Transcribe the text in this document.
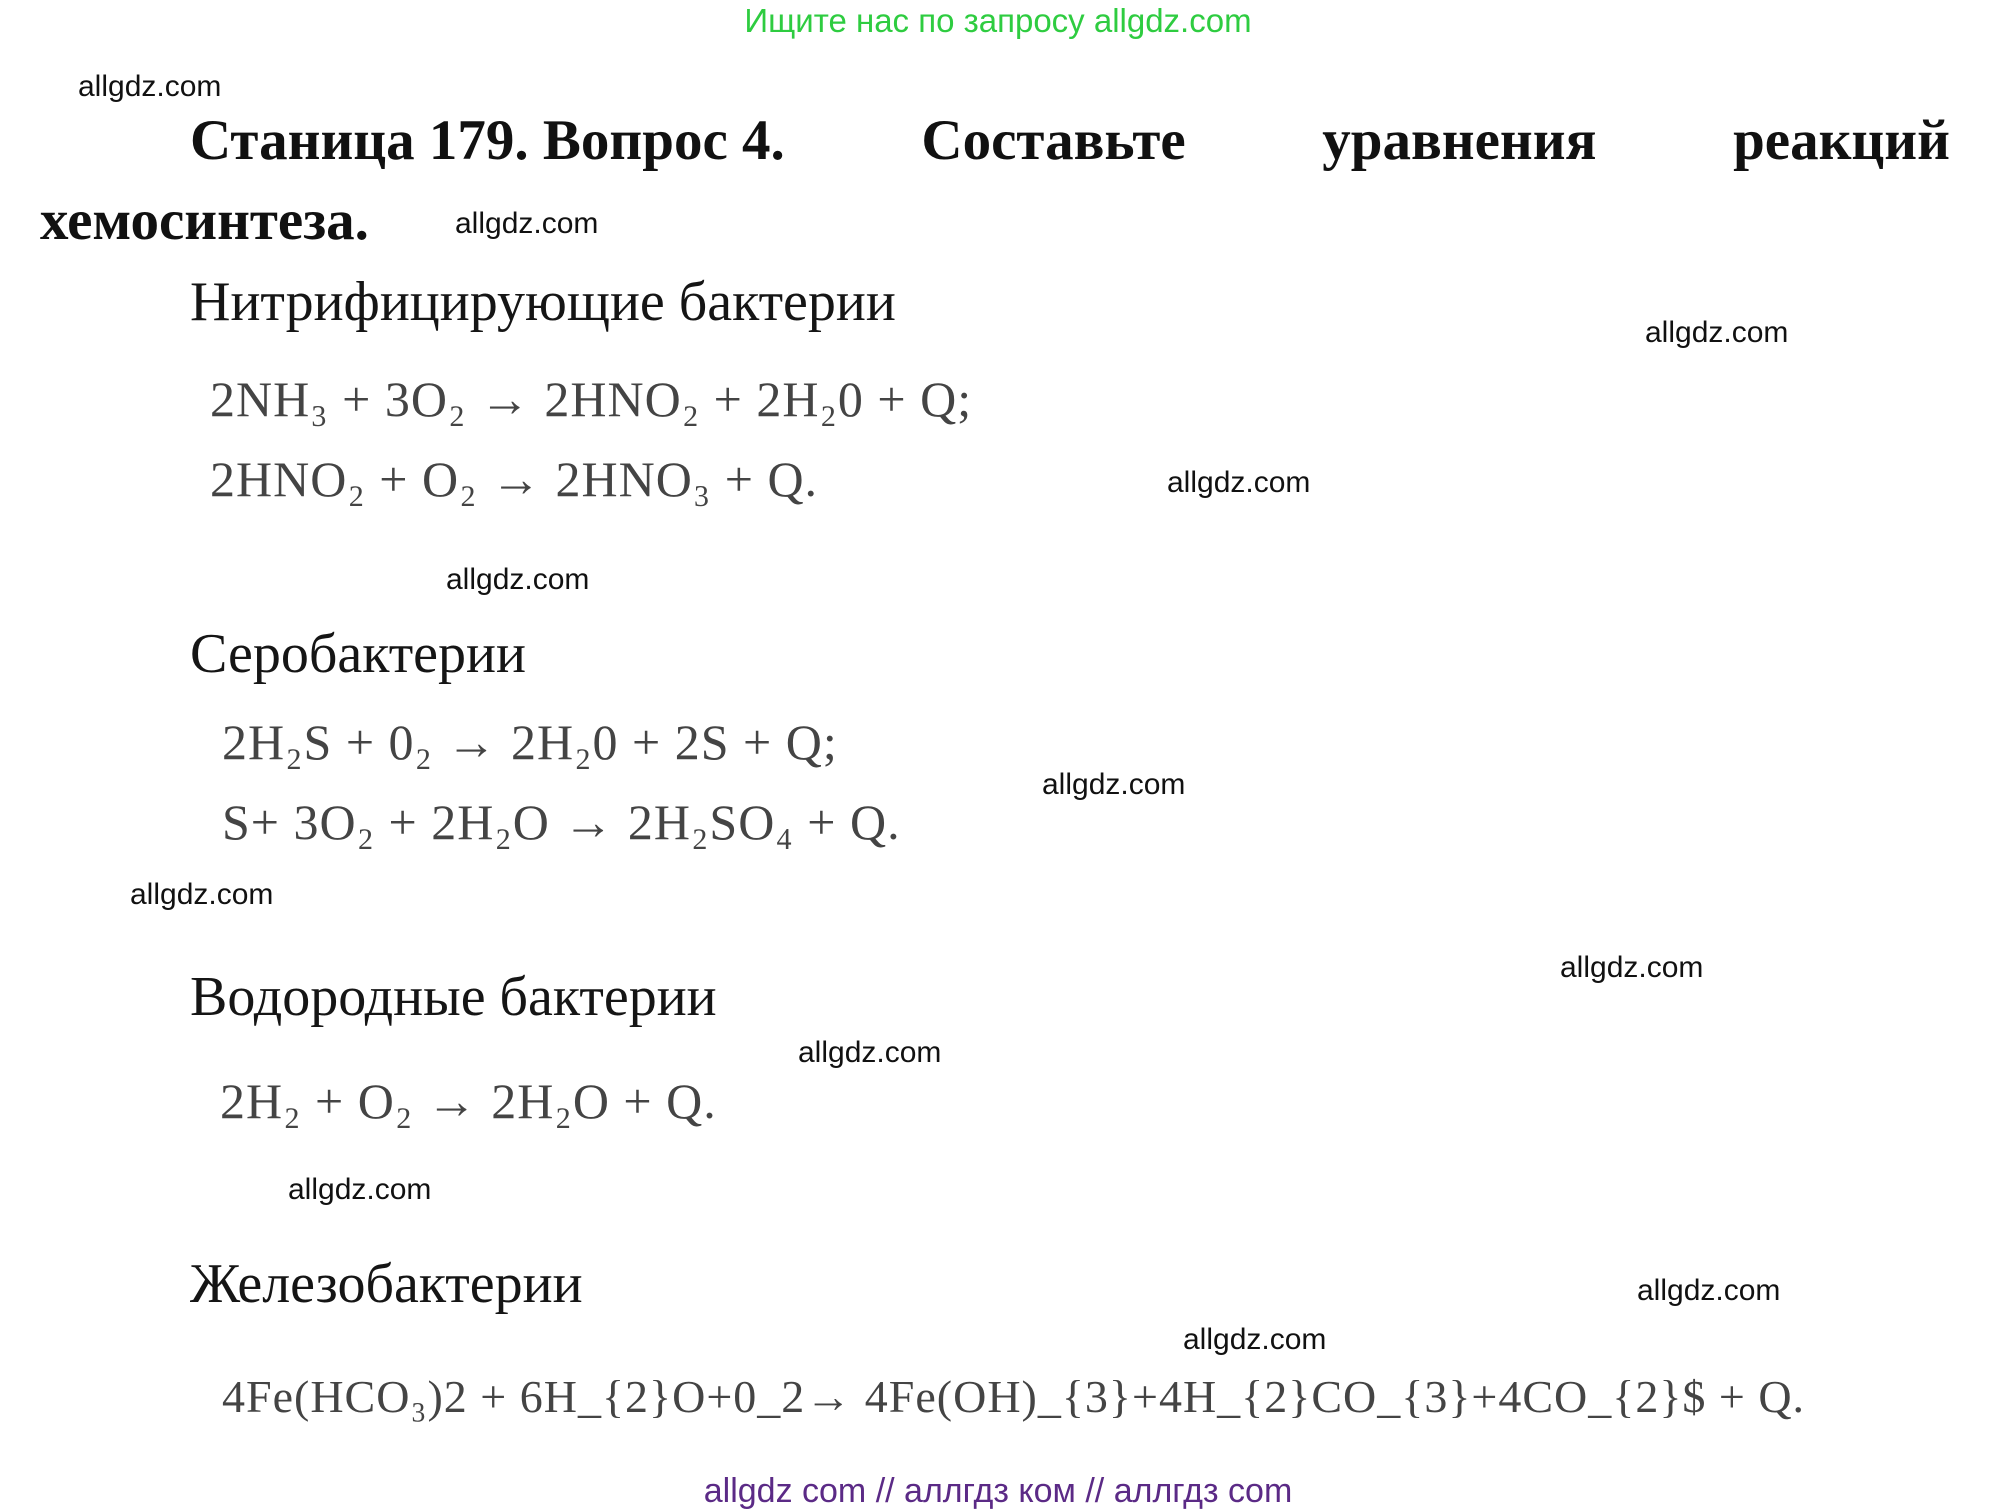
Ищите нас по запросу allgdz.com
allgdz.com
Станица 179. Вопрос 4. Составьте уравнения реакций
хемосинтеза.	allgdz.com
Нитрифицирующие бактерии	allgdz.com
2NH₃ + 3O₂ → 2HNO₂ + 2H₂0 + Q;
2HNO₂ + O₂ → 2HNO₃ + Q.	allgdz.com
allgdz.com
Серобактерии
2H₂S + 0₂ → 2H₂0 + 2S + Q;
allgdz.com
S+ 3O₂ + 2H₂O → 2H₂SO₄ + Q.
allgdz.com
allgdz.com
Водородные бактерии
allgdz.com
2H₂ + O₂ → 2H₂O + Q.
allgdz.com
Железобактерии	allgdz.com
allgdz.com
4Fe(HCO₃)2 + 6H_{2}O+0_2→ 4Fe(OH)_{3}+4H_{2}CO_{3}+4CO_{2}$ + Q.
allgdz com // аллгдз ком // аллгдз com
